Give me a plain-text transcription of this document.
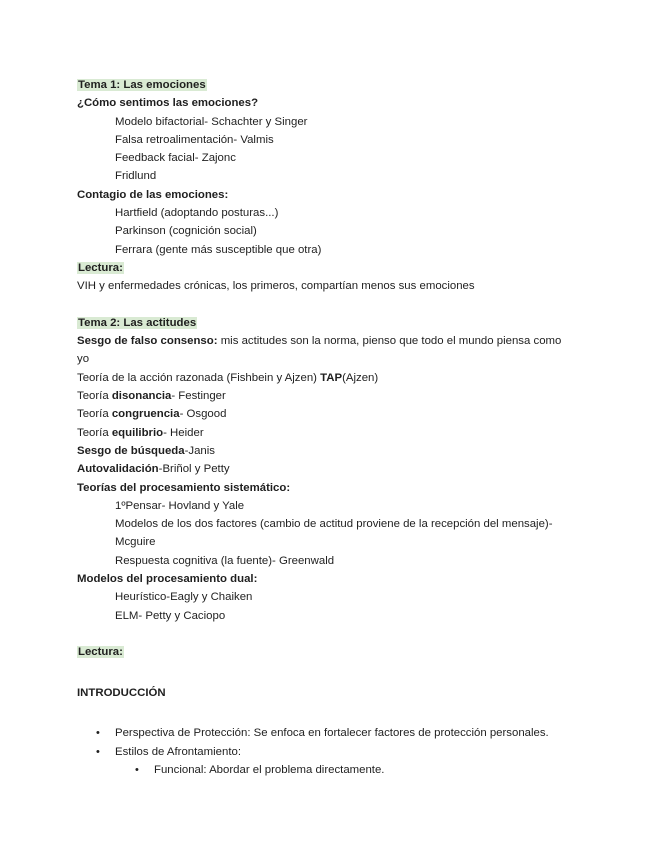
Tema 1: Las emociones
¿Cómo sentimos las emociones?
Modelo bifactorial- Schachter y Singer
Falsa retroalimentación- Valmis
Feedback facial- Zajonc
Fridlund
Contagio de las emociones:
Hartfield (adoptando posturas...)
Parkinson (cognición social)
Ferrara (gente más susceptible que otra)
Lectura:
VIH y enfermedades crónicas, los primeros, compartían menos sus emociones
Tema 2: Las actitudes
Sesgo de falso consenso: mis actitudes son la norma, pienso que todo el mundo piensa como
yo
Teoría de la acción razonada (Fishbein y Ajzen) TAP(Ajzen)
Teoría disonancia- Festinger
Teoría congruencia- Osgood
Teoría equilibrio- Heider
Sesgo de búsqueda-Janis
Autovalidación-Briñol y Petty
Teorías del procesamiento sistemático:
1ºPensar- Hovland y Yale
Modelos de los dos factores (cambio de actitud proviene de la recepción del mensaje)-
Mcguire
Respuesta cognitiva (la fuente)- Greenwald
Modelos del procesamiento dual:
Heurístico-Eagly y Chaiken
ELM- Petty y Caciopo
Lectura:
INTRODUCCIÓN
• Perspectiva de Protección: Se enfoca en fortalecer factores de protección personales.
• Estilos de Afrontamiento:
• Funcional: Abordar el problema directamente.
